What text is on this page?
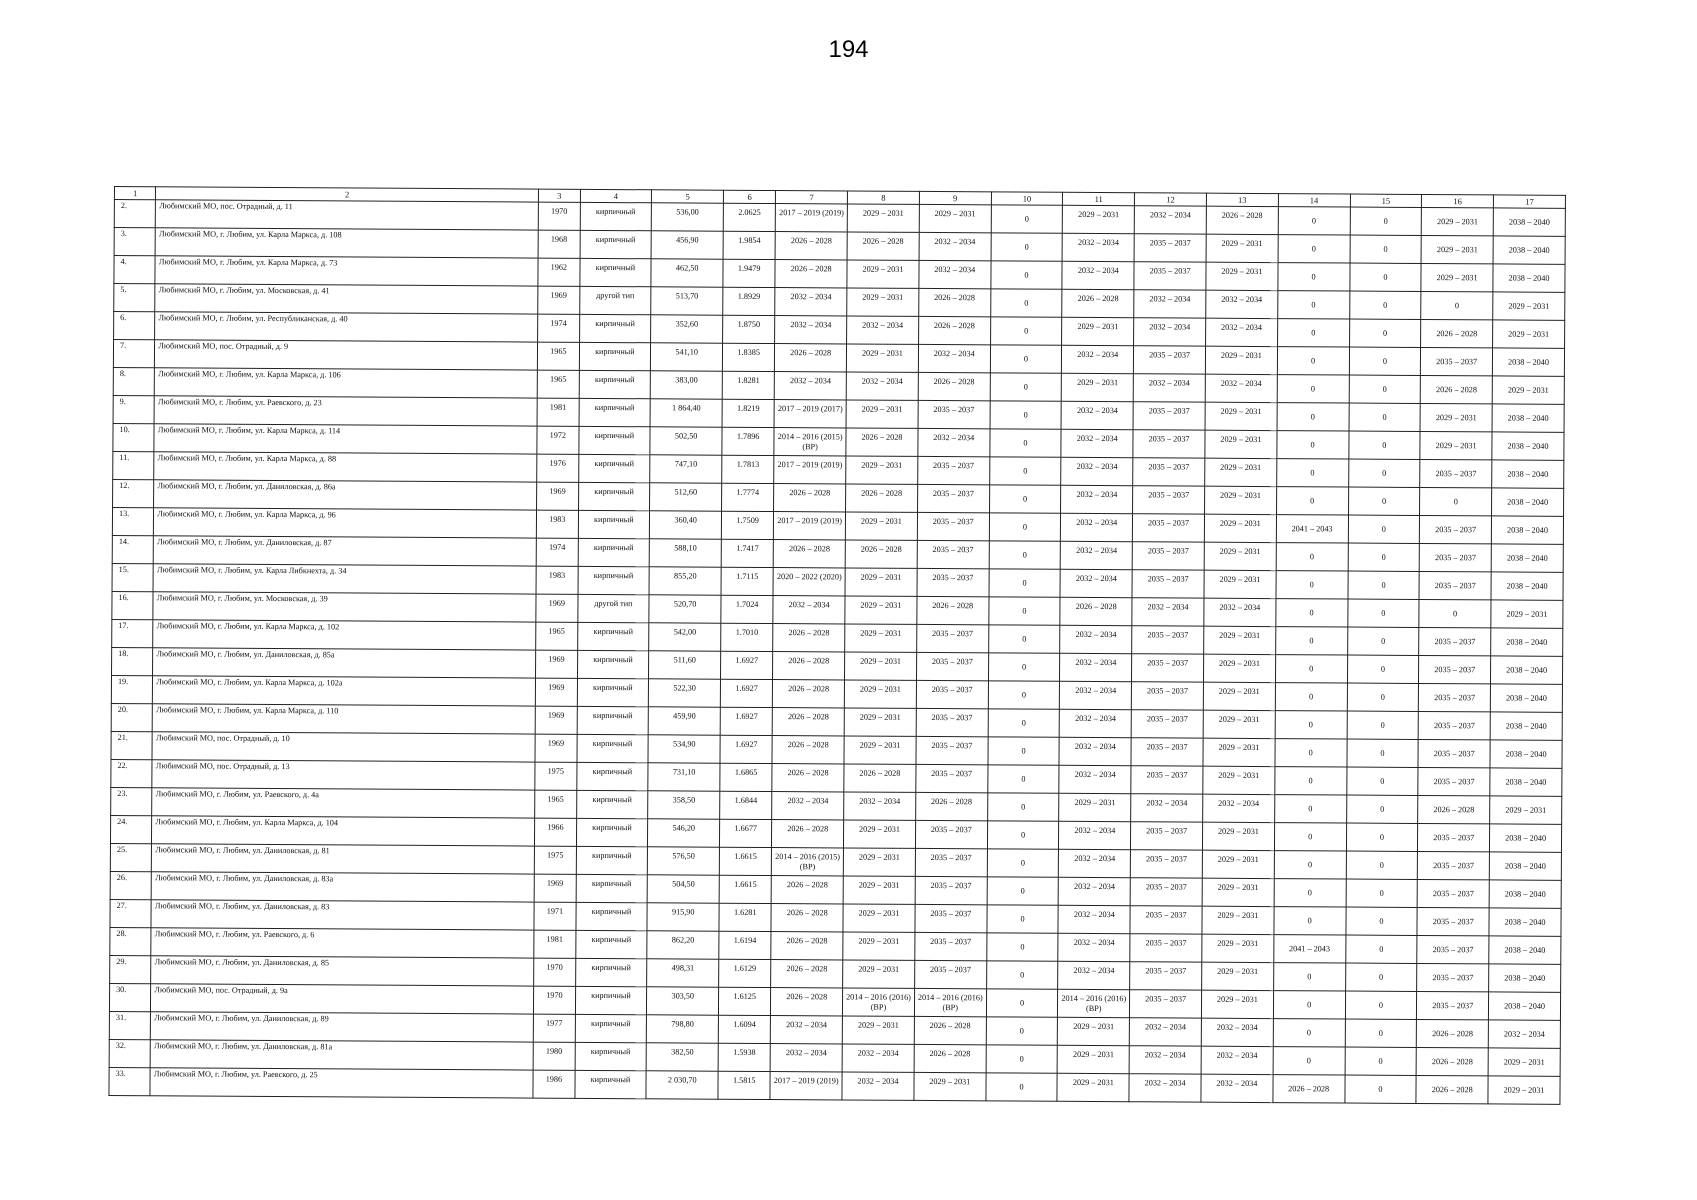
194
1	2	3	4	5	6	7	8	9	10	11	12	13	14	15	16	17
2.	Любимский МО, пос. Отрадный, д. 11	1970	кирпичный	536,00	2.0625	2017 – 2019 (2019)	2029 – 2031	2029 – 2031	0	2029 – 2031	2032 – 2034	2026 – 2028	0	0	2029 – 2031	2038 – 2040
3.	Любимский МО, г. Любим, ул. Карла Маркса, д. 108	1968	кирпичный	456,90	1.9854	2026 – 2028	2026 – 2028	2032 – 2034	0	2032 – 2034	2035 – 2037	2029 – 2031	0	0	2029 – 2031	2038 – 2040
4.	Любимский МО, г. Любим, ул. Карла Маркса, д. 73	1962	кирпичный	462,50	1.9479	2026 – 2028	2029 – 2031	2032 – 2034	0	2032 – 2034	2035 – 2037	2029 – 2031	0	0	2029 – 2031	2038 – 2040
5.	Любимский МО, г. Любим, ул. Московская, д. 41	1969	другой тип	513,70	1.8929	2032 – 2034	2029 – 2031	2026 – 2028	0	2026 – 2028	2032 – 2034	2032 – 2034	0	0	0	2029 – 2031
6.	Любимский МО, г. Любим, ул. Республиканская, д. 40	1974	кирпичный	352,60	1.8750	2032 – 2034	2032 – 2034	2026 – 2028	0	2029 – 2031	2032 – 2034	2032 – 2034	0	0	2026 – 2028	2029 – 2031
7.	Любимский МО, пос. Отрадный, д. 9	1965	кирпичный	541,10	1.8385	2026 – 2028	2029 – 2031	2032 – 2034	0	2032 – 2034	2035 – 2037	2029 – 2031	0	0	2035 – 2037	2038 – 2040
8.	Любимский МО, г. Любим, ул. Карла Маркса, д. 106	1965	кирпичный	383,00	1.8281	2032 – 2034	2032 – 2034	2026 – 2028	0	2029 – 2031	2032 – 2034	2032 – 2034	0	0	2026 – 2028	2029 – 2031
9.	Любимский МО, г. Любим, ул. Раевского, д. 23	1981	кирпичный	1 864,40	1.8219	2017 – 2019 (2017)	2029 – 2031	2035 – 2037	0	2032 – 2034	2035 – 2037	2029 – 2031	0	0	2029 – 2031	2038 – 2040
10.	Любимский МО, г. Любим, ул. Карла Маркса, д. 114	1972	кирпичный	502,50	1.7896	2014 – 2016 (2015) (ВР)	2026 – 2028	2032 – 2034	0	2032 – 2034	2035 – 2037	2029 – 2031	0	0	2029 – 2031	2038 – 2040
11.	Любимский МО, г. Любим, ул. Карла Маркса, д. 88	1976	кирпичный	747,10	1.7813	2017 – 2019 (2019)	2029 – 2031	2035 – 2037	0	2032 – 2034	2035 – 2037	2029 – 2031	0	0	2035 – 2037	2038 – 2040
12.	Любимский МО, г. Любим, ул. Даниловская, д. 86а	1969	кирпичный	512,60	1.7774	2026 – 2028	2026 – 2028	2035 – 2037	0	2032 – 2034	2035 – 2037	2029 – 2031	0	0	0	2038 – 2040
13.	Любимский МО, г. Любим, ул. Карла Маркса, д. 96	1983	кирпичный	360,40	1.7509	2017 – 2019 (2019)	2029 – 2031	2035 – 2037	0	2032 – 2034	2035 – 2037	2029 – 2031	2041 – 2043	0	2035 – 2037	2038 – 2040
14.	Любимский МО, г. Любим, ул. Даниловская, д. 87	1974	кирпичный	588,10	1.7417	2026 – 2028	2026 – 2028	2035 – 2037	0	2032 – 2034	2035 – 2037	2029 – 2031	0	0	2035 – 2037	2038 – 2040
15.	Любимский МО, г. Любим, ул. Карла Либкнехта, д. 34	1983	кирпичный	855,20	1.7115	2020 – 2022 (2020)	2029 – 2031	2035 – 2037	0	2032 – 2034	2035 – 2037	2029 – 2031	0	0	2035 – 2037	2038 – 2040
16.	Любимский МО, г. Любим, ул. Московская, д. 39	1969	другой тип	520,70	1.7024	2032 – 2034	2029 – 2031	2026 – 2028	0	2026 – 2028	2032 – 2034	2032 – 2034	0	0	0	2029 – 2031
17.	Любимский МО, г. Любим, ул. Карла Маркса, д. 102	1965	кирпичный	542,00	1.7010	2026 – 2028	2029 – 2031	2035 – 2037	0	2032 – 2034	2035 – 2037	2029 – 2031	0	0	2035 – 2037	2038 – 2040
18.	Любимский МО, г. Любим, ул. Даниловская, д. 85а	1969	кирпичный	511,60	1.6927	2026 – 2028	2029 – 2031	2035 – 2037	0	2032 – 2034	2035 – 2037	2029 – 2031	0	0	2035 – 2037	2038 – 2040
19.	Любимский МО, г. Любим, ул. Карла Маркса, д. 102а	1969	кирпичный	522,30	1.6927	2026 – 2028	2029 – 2031	2035 – 2037	0	2032 – 2034	2035 – 2037	2029 – 2031	0	0	2035 – 2037	2038 – 2040
20.	Любимский МО, г. Любим, ул. Карла Маркса, д. 110	1969	кирпичный	459,90	1.6927	2026 – 2028	2029 – 2031	2035 – 2037	0	2032 – 2034	2035 – 2037	2029 – 2031	0	0	2035 – 2037	2038 – 2040
21.	Любимский МО, пос. Отрадный, д. 10	1969	кирпичный	534,90	1.6927	2026 – 2028	2029 – 2031	2035 – 2037	0	2032 – 2034	2035 – 2037	2029 – 2031	0	0	2035 – 2037	2038 – 2040
22.	Любимский МО, пос. Отрадный, д. 13	1975	кирпичный	731,10	1.6865	2026 – 2028	2026 – 2028	2035 – 2037	0	2032 – 2034	2035 – 2037	2029 – 2031	0	0	2035 – 2037	2038 – 2040
23.	Любимский МО, г. Любим, ул. Раевского, д. 4а	1965	кирпичный	358,50	1.6844	2032 – 2034	2032 – 2034	2026 – 2028	0	2029 – 2031	2032 – 2034	2032 – 2034	0	0	2026 – 2028	2029 – 2031
24.	Любимский МО, г. Любим, ул. Карла Маркса, д. 104	1966	кирпичный	546,20	1.6677	2026 – 2028	2029 – 2031	2035 – 2037	0	2032 – 2034	2035 – 2037	2029 – 2031	0	0	2035 – 2037	2038 – 2040
25.	Любимский МО, г. Любим, ул. Даниловская, д. 81	1975	кирпичный	576,50	1.6615	2014 – 2016 (2015) (ВР)	2029 – 2031	2035 – 2037	0	2032 – 2034	2035 – 2037	2029 – 2031	0	0	2035 – 2037	2038 – 2040
26.	Любимский МО, г. Любим, ул. Даниловская, д. 83а	1969	кирпичный	504,50	1.6615	2026 – 2028	2029 – 2031	2035 – 2037	0	2032 – 2034	2035 – 2037	2029 – 2031	0	0	2035 – 2037	2038 – 2040
27.	Любимский МО, г. Любим, ул. Даниловская, д. 83	1971	кирпичный	915,90	1.6281	2026 – 2028	2029 – 2031	2035 – 2037	0	2032 – 2034	2035 – 2037	2029 – 2031	0	0	2035 – 2037	2038 – 2040
28.	Любимский МО, г. Любим, ул. Раевского, д. 6	1981	кирпичный	862,20	1.6194	2026 – 2028	2029 – 2031	2035 – 2037	0	2032 – 2034	2035 – 2037	2029 – 2031	2041 – 2043	0	2035 – 2037	2038 – 2040
29.	Любимский МО, г. Любим, ул. Даниловская, д. 85	1970	кирпичный	498,31	1.6129	2026 – 2028	2029 – 2031	2035 – 2037	0	2032 – 2034	2035 – 2037	2029 – 2031	0	0	2035 – 2037	2038 – 2040
30.	Любимский МО, пос. Отрадный, д. 9а	1970	кирпичный	303,50	1.6125	2026 – 2028	2014 – 2016 (2016) (ВР)	2014 – 2016 (2016) (ВР)	0	2014 – 2016 (2016) (ВР)	2035 – 2037	2029 – 2031	0	0	2035 – 2037	2038 – 2040
31.	Любимский МО, г. Любим, ул. Даниловская, д. 89	1977	кирпичный	798,80	1.6094	2032 – 2034	2029 – 2031	2026 – 2028	0	2029 – 2031	2032 – 2034	2032 – 2034	0	0	2026 – 2028	2032 – 2034
32.	Любимский МО, г. Любим, ул. Даниловская, д. 81а	1980	кирпичный	382,50	1.5938	2032 – 2034	2032 – 2034	2026 – 2028	0	2029 – 2031	2032 – 2034	2032 – 2034	0	0	2026 – 2028	2029 – 2031
33.	Любимский МО, г. Любим, ул. Раевского, д. 25	1986	кирпичный	2 030,70	1.5815	2017 – 2019 (2019)	2032 – 2034	2029 – 2031	0	2029 – 2031	2032 – 2034	2032 – 2034	2026 – 2028	0	2026 – 2028	2029 – 2031
